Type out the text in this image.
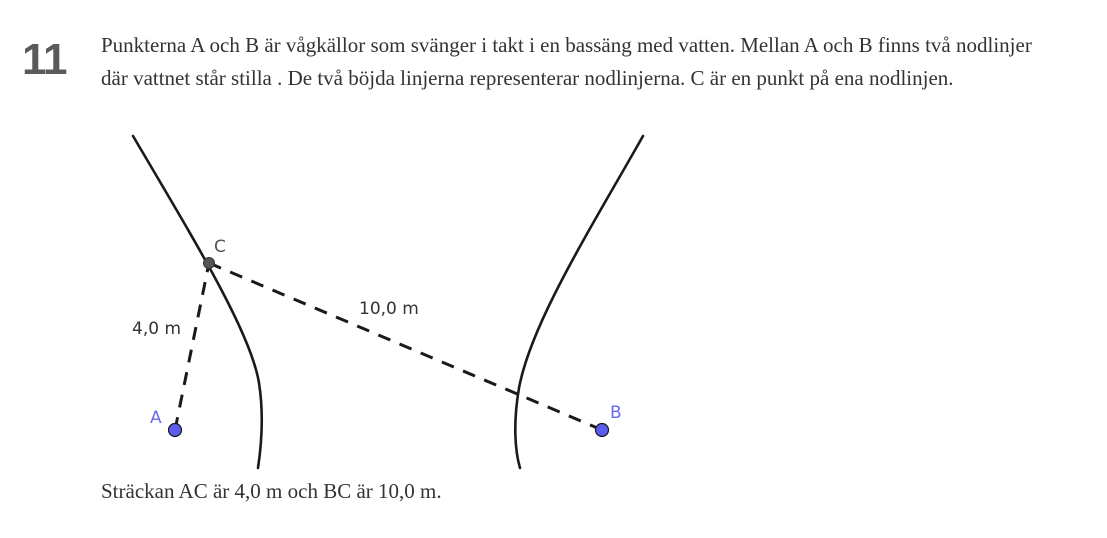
11 Punkterna A och B är vågkällor som svänger i takt i en bassäng med vatten. Mellan A och B finns två nodlinjer där vattnet står stilla . De två böjda linjerna representerar nodlinjerna. C är en punkt på ena nodlinjen.

C
A	B
4,0 m
10,0 m

Sträckan AC är 4,0 m och BC är 10,0 m.
